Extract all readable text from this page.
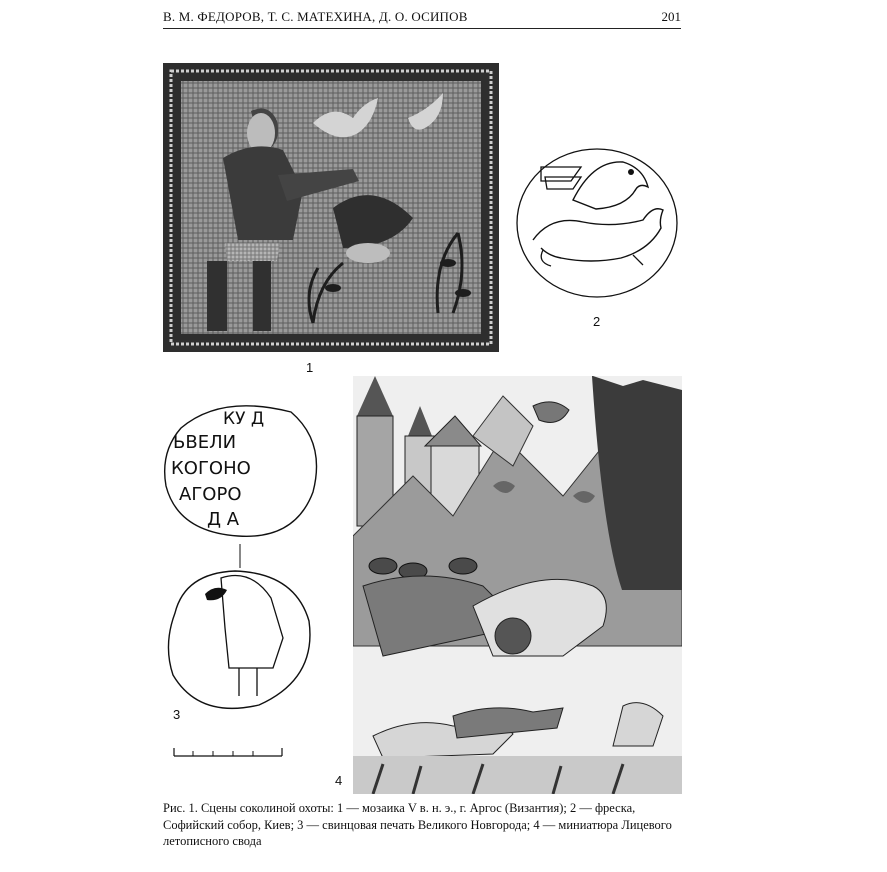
В. М. ФЕДОРОВ, Т. С. МАТЕХИНА, Д. О. ОСИПОВ	201
1
2
КУ Д
ЬВЕЛИ
КОГОНО
АГОРО
Д А
3
4
Рис. 1. Сцены соколиной охоты: 1 — мозаика V в. н. э., г. Аргос (Византия); 2 — фреска, Софийский собор, Киев; 3 — свинцовая печать Великого Новгорода; 4 — миниатюра Лицевого летописного свода
